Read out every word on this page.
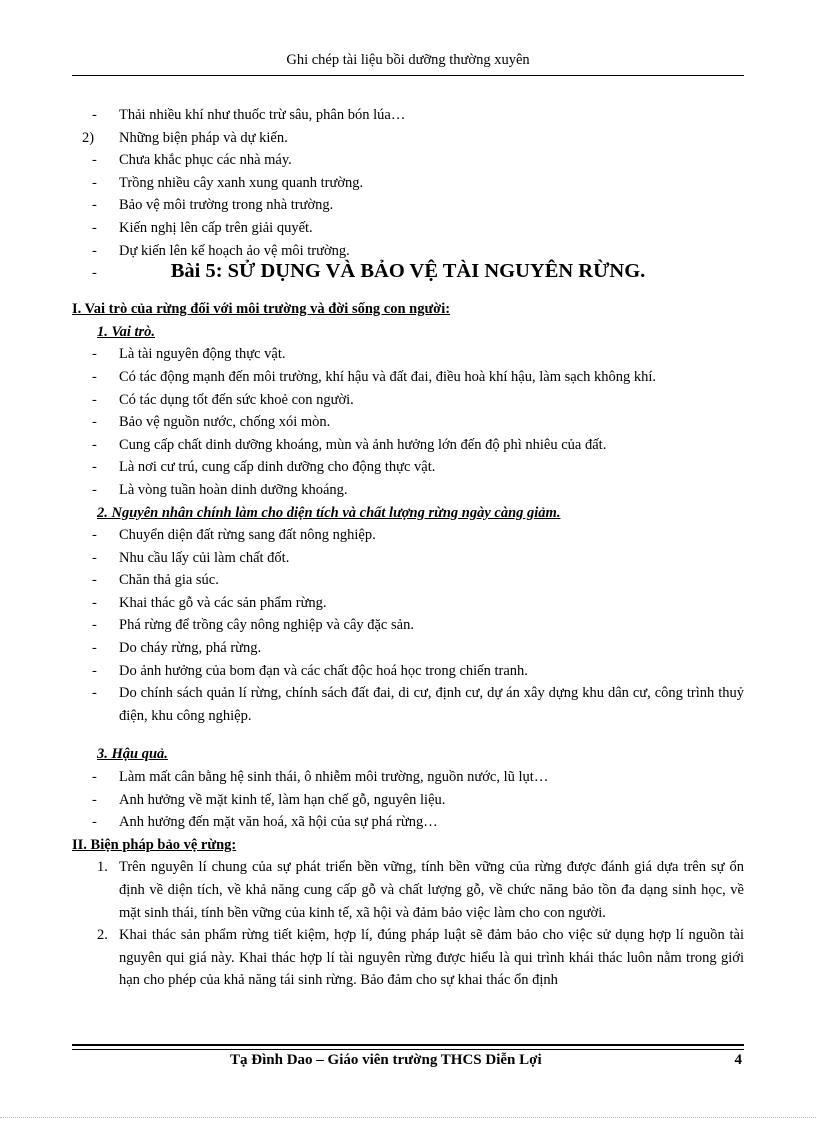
Ghi chép tài liệu bồi dưỡng thường xuyên
- Thải nhiều khí như thuốc trừ sâu, phân bón lúa…
2) Những biện pháp và dự kiến.
- Chưa khắc phục các nhà máy.
- Trồng nhiều cây xanh xung quanh trường.
- Bảo vệ môi trường trong nhà trường.
- Kiến nghị lên cấp trên giải quyết.
- Dự kiến lên kế hoạch ảo vệ môi trường.
-	Bài 5: SỬ DỤNG VÀ BẢO VỆ TÀI NGUYÊN RỪNG.
I. Vai trò của rừng đối với môi trường và đời sống con người:
1. Vai trò.
- Là tài nguyên động thực vật.
- Có tác động mạnh đến môi trường, khí hậu và đất đai, điều hoà khí hậu, làm sạch không khí.
- Có tác dụng tốt đến sức khoẻ con người.
- Bảo vệ nguồn nước, chống xói mòn.
- Cung cấp chất dinh dưỡng khoáng, mùn và ảnh hưởng lớn đến độ phì nhiêu của đất.
- Là nơi cư trú, cung cấp dinh dưỡng cho động thực vật.
- Là vòng tuần hoàn dinh dưỡng khoáng.
2. Nguyên nhân chính làm cho diện tích và chất lượng rừng ngày càng giảm.
- Chuyển diện đất rừng sang đất nông nghiệp.
- Nhu cầu lấy củi làm chất đốt.
- Chăn thả gia súc.
- Khai thác gỗ và các sản phẩm rừng.
- Phá rừng để trồng cây nông nghiệp và cây đặc sản.
- Do cháy rừng, phá rừng.
- Do ảnh hưởng của bom đạn và các chất độc hoá học trong chiến tranh.
- Do chính sách quản lí rừng, chính sách đất đai, di cư, định cư, dự án xây dựng khu dân cư, công trình thuỷ điện, khu công nghiệp.
3. Hậu quả.
- Làm mất cân bằng hệ sinh thái, ô nhiễm môi trường, nguồn nước, lũ lụt…
- Anh hưởng về mặt kinh tế, làm hạn chế gỗ, nguyên liệu.
- Anh hưởng đến mặt văn hoá, xã hội của sự phá rừng…
II. Biện pháp bảo vệ rừng:
1. Trên nguyên lí chung của sự phát triển bền vững, tính bền vững của rừng được đánh giá dựa trên sự ổn định về diện tích, về khả năng cung cấp gỗ và chất lượng gỗ, về chức năng bảo tồn đa dạng sinh học, về mặt sinh thái, tính bền vững của kinh tế, xã hội và đảm bảo việc làm cho con người.
2. Khai thác sản phẩm rừng tiết kiệm, hợp lí, đúng pháp luật sẽ đảm bảo cho việc sử dụng hợp lí nguồn tài nguyên qui giá này. Khai thác hợp lí tài nguyên rừng được hiểu là qui trình khái thác luôn nằm trong giới hạn cho phép của khả năng tái sinh rừng. Bảo đảm cho sự khai thác ổn định
Tạ Đình Dao – Giáo viên trường THCS Diễn Lợi	4
